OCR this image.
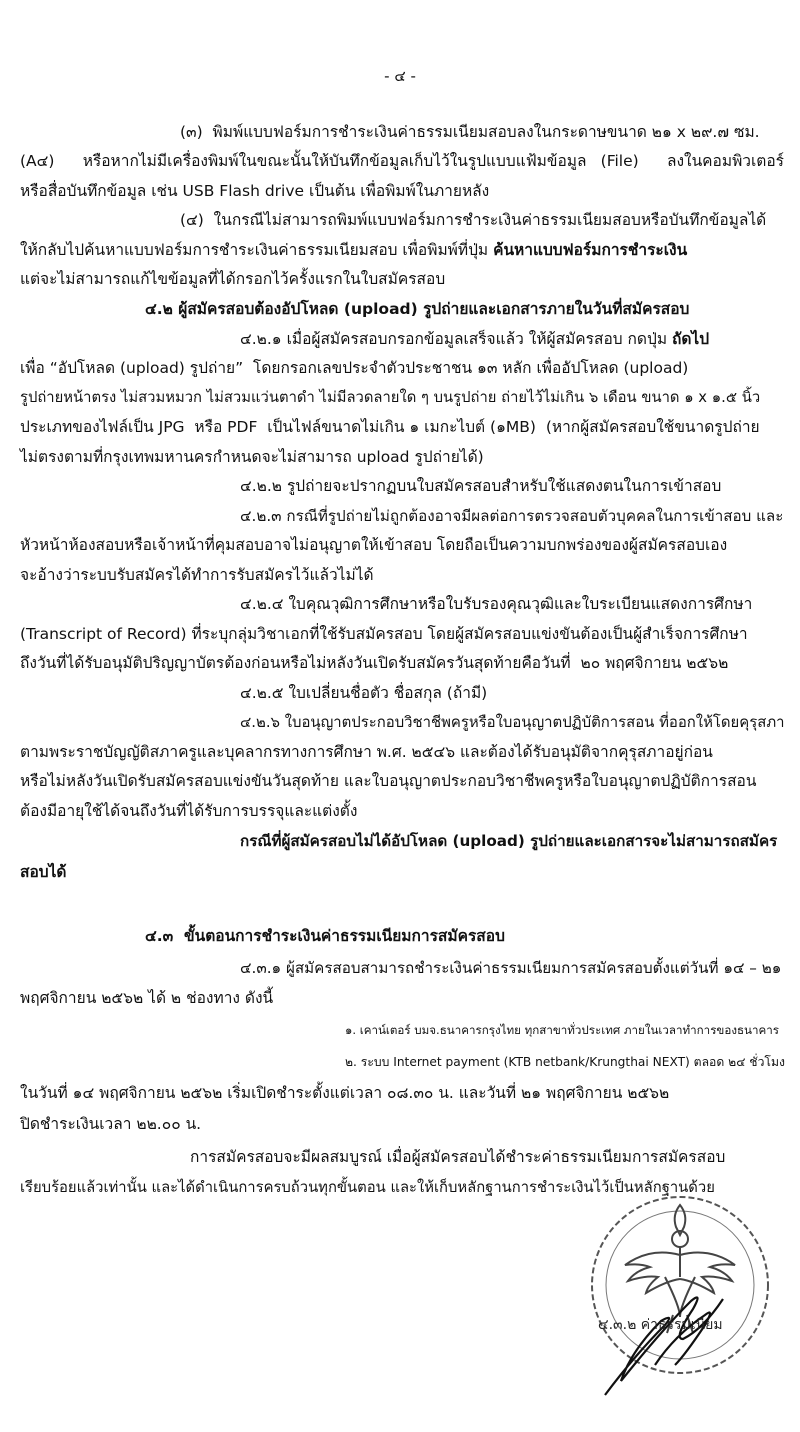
- ๔ -
(๓)  พิมพ์แบบฟอร์มการชำระเงินค่าธรรมเนียมสอบลงในกระดาษขนาด ๒๑ x ๒๙.๗ ซม.
(A๔)  หรือหากไม่มีเครื่องพิมพ์ในขณะนั้นให้บันทึกข้อมูลเก็บไว้ในรูปแบบแฟ้มข้อมูล (File)  ลงในคอมพิวเตอร์
หรือสื่อบันทึกข้อมูล เช่น USB Flash drive เป็นต้น เพื่อพิมพ์ในภายหลัง
(๔)  ในกรณีไม่สามารถพิมพ์แบบฟอร์มการชำระเงินค่าธรรมเนียมสอบหรือบันทึกข้อมูลได้
ให้กลับไปค้นหาแบบฟอร์มการชำระเงินค่าธรรมเนียมสอบ เพื่อพิมพ์ที่ปุ่ม ค้นหาแบบฟอร์มการชำระเงิน
แต่จะไม่สามารถแก้ไขข้อมูลที่ได้กรอกไว้ครั้งแรกในใบสมัครสอบ
๔.๒ ผู้สมัครสอบต้องอัปโหลด (upload) รูปถ่ายและเอกสารภายในวันที่สมัครสอบ
๔.๒.๑ เมื่อผู้สมัครสอบกรอกข้อมูลเสร็จแล้ว ให้ผู้สมัครสอบ กดปุ่ม ถัดไป
เพื่อ “อัปโหลด (upload) รูปถ่าย”  โดยกรอกเลขประจำตัวประชาชน ๑๓ หลัก เพื่ออัปโหลด (upload)
รูปถ่ายหน้าตรง ไม่สวมหมวก ไม่สวมแว่นตาดำ ไม่มีลวดลายใด ๆ บนรูปถ่าย ถ่ายไว้ไม่เกิน ๖ เดือน ขนาด ๑ x ๑.๕ นิ้ว
ประเภทของไฟล์เป็น JPG  หรือ PDF  เป็นไฟล์ขนาดไม่เกิน ๑ เมกะไบต์ (๑MB)  (หากผู้สมัครสอบใช้ขนาดรูปถ่าย
ไม่ตรงตามที่กรุงเทพมหานครกำหนดจะไม่สามารถ upload รูปถ่ายได้)
๔.๒.๒ รูปถ่ายจะปรากฏบนใบสมัครสอบสำหรับใช้แสดงตนในการเข้าสอบ
๔.๒.๓ กรณีที่รูปถ่ายไม่ถูกต้องอาจมีผลต่อการตรวจสอบตัวบุคคลในการเข้าสอบ และ
หัวหน้าห้องสอบหรือเจ้าหน้าที่คุมสอบอาจไม่อนุญาตให้เข้าสอบ โดยถือเป็นความบกพร่องของผู้สมัครสอบเอง
จะอ้างว่าระบบรับสมัครได้ทำการรับสมัครไว้แล้วไม่ได้
๔.๒.๔ ใบคุณวุฒิการศึกษาหรือใบรับรองคุณวุฒิและใบระเบียนแสดงการศึกษา
(Transcript of Record) ที่ระบุกลุ่มวิชาเอกที่ใช้รับสมัครสอบ โดยผู้สมัครสอบแข่งขันต้องเป็นผู้สำเร็จการศึกษา
ถึงวันที่ได้รับอนุมัติปริญญาบัตรต้องก่อนหรือไม่หลังวันเปิดรับสมัครวันสุดท้ายคือวันที่  ๒๐ พฤศจิกายน ๒๕๖๒
๔.๒.๕ ใบเปลี่ยนชื่อตัว ชื่อสกุล (ถ้ามี)
๔.๒.๖ ใบอนุญาตประกอบวิชาชีพครูหรือใบอนุญาตปฏิบัติการสอน ที่ออกให้โดยคุรุสภา
ตามพระราชบัญญัติสภาครูและบุคลากรทางการศึกษา พ.ศ. ๒๕๔๖ และต้องได้รับอนุมัติจากคุรุสภาอยู่ก่อน
หรือไม่หลังวันเปิดรับสมัครสอบแข่งขันวันสุดท้าย และใบอนุญาตประกอบวิชาชีพครูหรือใบอนุญาตปฏิบัติการสอน
ต้องมีอายุใช้ได้จนถึงวันที่ได้รับการบรรจุและแต่งตั้ง
กรณีที่ผู้สมัครสอบไม่ได้อัปโหลด (upload) รูปถ่ายและเอกสารจะไม่สามารถสมัคร
สอบได้
๔.๓  ขั้นตอนการชำระเงินค่าธรรมเนียมการสมัครสอบ
๔.๓.๑ ผู้สมัครสอบสามารถชำระเงินค่าธรรมเนียมการสมัครสอบตั้งแต่วันที่ ๑๔ – ๒๑
พฤศจิกายน ๒๕๖๒ ได้ ๒ ช่องทาง ดังนี้
๑. เคาน์เตอร์ บมจ.ธนาคารกรุงไทย ทุกสาขาทั่วประเทศ ภายในเวลาทำการของธนาคาร
๒. ระบบ Internet payment (KTB netbank/Krungthai NEXT) ตลอด ๒๔ ชั่วโมง
ในวันที่ ๑๔ พฤศจิกายน ๒๕๖๒ เริ่มเปิดชำระตั้งแต่เวลา ๐๘.๓๐ น. และวันที่ ๒๑ พฤศจิกายน ๒๕๖๒
ปิดชำระเงินเวลา ๒๒.๐๐ น.
การสมัครสอบจะมีผลสมบูรณ์ เมื่อผู้สมัครสอบได้ชำระค่าธรรมเนียมการสมัครสอบ
เรียบร้อยแล้วเท่านั้น และได้ดำเนินการครบถ้วนทุกขั้นตอน และให้เก็บหลักฐานการชำระเงินไว้เป็นหลักฐานด้วย
๔.๓.๒ ค่าธรรมเนียม
